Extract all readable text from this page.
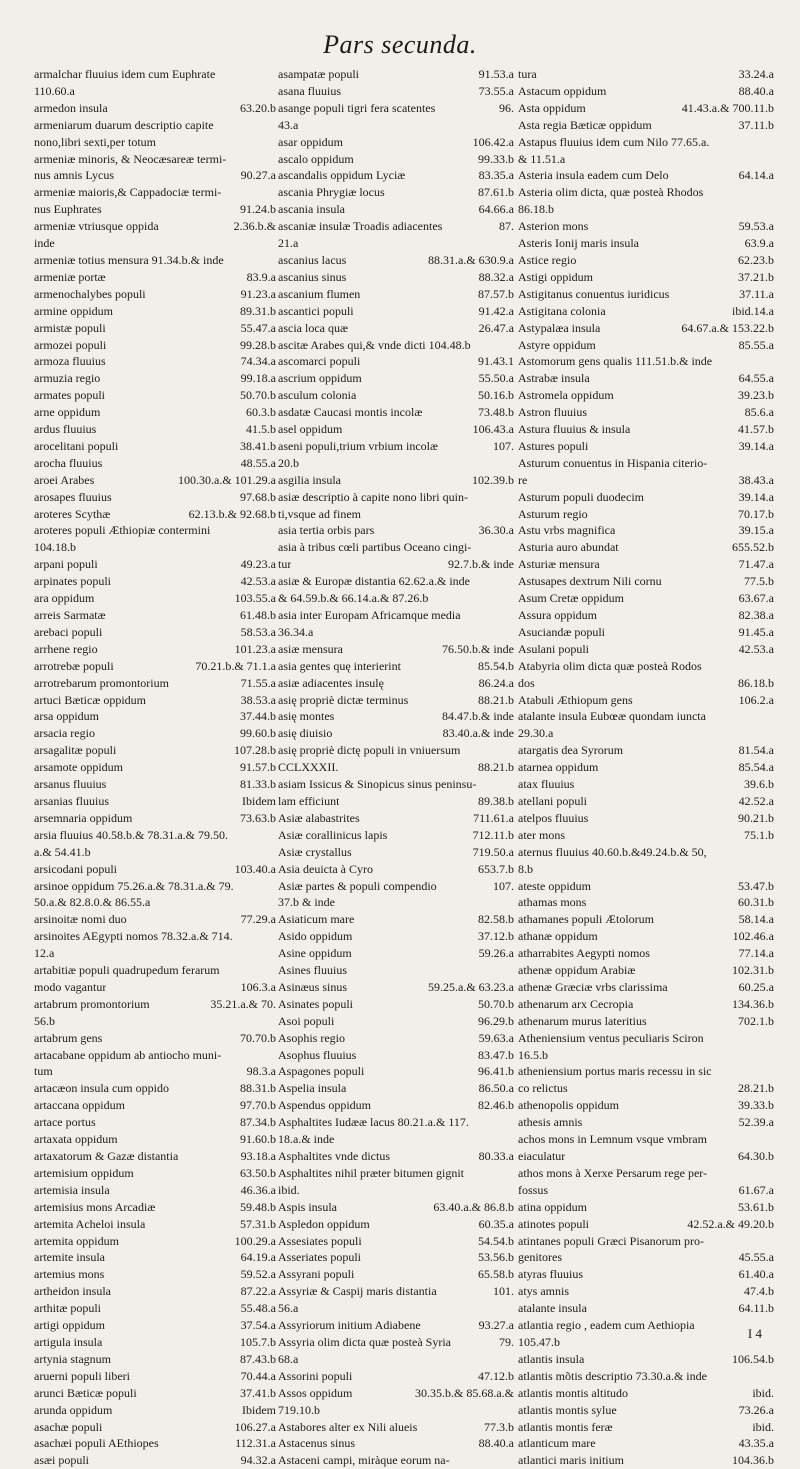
Pars secunda.
armalchar fluuius idem cum Euphrate
110.60.a
armedon insula	63.20.b
armeniarum duarum descriptio capite
nono,libri sexti,per totum
armeniæ minoris, & Neocæsareæ termi-
nus amnis Lycus	90.27.a
armeniæ maioris,& Cappadociæ termi-
nus Euphrates	91.24.b
armeniæ vtriusque oppida	2.36.b.&
inde
armeniæ totius mensura 91.34.b.& inde
armeniæ portæ	83.9.a
armenochalybes populi	91.23.a
armine oppidum	89.31.b
armistæ populi	55.47.a
armozei populi	99.28.b
armoza fluuius	74.34.a
armuzia regio	99.18.a
armates populi	50.70.b
arne oppidum	60.3.b
ardus fluuius	41.5.b
arocelitani populi	38.41.b
arocha fluuius	48.55.a
aroei Arabes	100.30.a.& 101.29.a
arosapes fluuius	97.68.b
aroteres Scythæ	62.13.b.& 92.68.b
aroteres populi Æthiopiæ contermini
104.18.b
arpani populi	49.23.a
arpinates populi	42.53.a
ara oppidum	103.55.a
arreis Sarmatæ	61.48.b
arebaci populi	58.53.a
arrhene regio	101.23.a
arrotrebæ populi	70.21.b.& 71.1.a
arrotrebarum promontorium	71.55.a
artuci Bæticæ oppidum	38.53.a
arsa oppidum	37.44.b
arsacia regio	99.60.b
arsagalitæ populi	107.28.b
arsamote oppidum	91.57.b
arsanus fluuius	81.33.b
arsanias fluuius	Ibidem
arsemnaria oppidum	73.63.b
arsia fluuius 40.58.b.& 78.31.a.& 79.50.
a.& 54.41.b
arsicodani populi	103.40.a
arsinoe oppidum 75.26.a.& 78.31.a.& 79.
50.a.& 82.8.0.& 86.55.a
arsinoitæ nomi duo	77.29.a
arsinoites AEgypti nomos 78.32.a.& 714.
12.a
artabitiæ populi quadrupedum ferarum
modo vagantur	106.3.a
artabrum promontorium	35.21.a.& 70.
56.b
artabrum gens	70.70.b
artacabane oppidum ab antiocho muni-
tum	98.3.a
artacæon insula cum oppido	88.31.b
artaccana oppidum	97.70.b
artace portus	87.34.b
artaxata oppidum	91.60.b
artaxatorum & Gazæ distantia	93.18.a
artemisium oppidum	63.50.b
artemisia insula	46.36.a
artemisius mons Arcadiæ	59.48.b
artemita Acheloi insula	57.31.b
artemita oppidum	100.29.a
artemite insula	64.19.a
artemius mons	59.52.a
artheidon insula	87.22.a
arthitæ populi	55.48.a
artigi oppidum	37.54.a
artigula insula	105.7.b
artynia stagnum	87.43.b
aruerni populi liberi	70.44.a
arunci Bæticæ populi	37.41.b
arunda oppidum	Ibidem
asachæ populi	106.27.a
asachæi populi AEthiopes	112.31.a
asæi populi	94.32.a
asampatæ populi	91.53.a
asana fluuius	73.55.a
asange populi tigri fera scatentes	96.
43.a
asar oppidum	106.42.a
ascalo oppidum	99.33.b
ascandalis oppidum Lyciæ	83.35.a
ascania Phrygiæ locus	87.61.b
ascania insula	64.66.a
ascaniæ insulæ Troadis adiacentes	87.
21.a
ascanius lacus	88.31.a.& 630.9.a
ascanius sinus	88.32.a
ascanium flumen	87.57.b
ascantici populi	91.42.a
ascia loca quæ	26.47.a
ascitæ Arabes qui,& vnde dicti 104.48.b
ascomarci populi	91.43.1
ascrium oppidum	55.50.a
asculum colonia	50.16.b
asdatæ Caucasi montis incolæ	73.48.b
asel oppidum	106.43.a
aseni populi,trium vrbium incolæ	107.
20.b
asgilia insula	102.39.b
asiæ descriptio à capite nono libri quin-
ti,vsque ad finem
asia tertia orbis pars	36.30.a
asia à tribus cœli partibus Oceano cingi-
tur	92.7.b.& inde
asiæ & Europæ distantia 62.62.a.& inde
& 64.59.b.& 66.14.a.& 87.26.b
asia inter Europam Africamque media
36.34.a
asiæ mensura	76.50.b.& inde
asia gentes quę interierint	85.54.b
asiæ adiacentes insulę	86.24.a
asię propriè dictæ terminus	88.21.b
asię montes	84.47.b.& inde
asię diuisio	83.40.a.& inde
asię propriè dictę populi in vniuersum
CCLXXXII.	88.21.b
asiam Issicus & Sinopicus sinus peninsu-
lam efficiunt	89.38.b
Asiæ alabastrites	711.61.a
Asiæ corallinicus lapis	712.11.b
Asiæ crystallus	719.50.a
Asia deuicta à Cyro	653.7.b
Asiæ partes & populi compendio	107.
37.b & inde
Asiaticum mare	82.58.b
Asido oppidum	37.12.b
Asine oppidum	59.26.a
Asines fluuius
Asinæus sinus	59.25.a.& 63.23.a
Asinates populi	50.70.b
Asoi populi	96.29.b
Asophis regio	59.63.a
Asophus fluuius	83.47.b
Aspagones populi	96.41.b
Aspelia insula	86.50.a
Aspendus oppidum	82.46.b
Asphaltites Iudææ lacus 80.21.a.& 117.
18.a.& inde
Asphaltites vnde dictus	80.33.a
Asphaltites nihil præter bitumen gignit
ibid.
Aspis insula	63.40.a.& 86.8.b
Aspledon oppidum	60.35.a
Assesiates populi	54.54.b
Asseriates populi	53.56.b
Assyrani populi	65.58.b
Assyriæ & Caspij maris distantia	101.
56.a
Assyriorum initium Adiabene	93.27.a
Assyria olim dicta quæ posteà Syria	79.
68.a
Assorini populi	47.12.b
Assos oppidum	30.35.b.& 85.68.a.&
719.10.b
Astabores alter ex Nili alueis	77.3.b
Astacenus sinus	88.40.a
Astaceni campi, miràque eorum na-
tura	33.24.a
Astacum oppidum	88.40.a
Asta oppidum	41.43.a.& 700.11.b
Asta regia Bæticæ oppidum	37.11.b
Astapus fluuius idem cum Nilo 77.65.a.
& 11.51.a
Asteria insula eadem cum Delo	64.14.a
Asteria olim dicta, quæ posteà Rhodos
86.18.b
Asterion mons	59.53.a
Asteris Ionij maris insula	63.9.a
Astice regio	62.23.b
Astigi oppidum	37.21.b
Astigitanus conuentus iuridicus	37.11.a
Astigitana colonia	ibid.14.a
Astypalæa insula	64.67.a.& 153.22.b
Astyre oppidum	85.55.a
Astomorum gens qualis 111.51.b.& inde
Astrabæ insula	64.55.a
Astromela oppidum	39.23.b
Astron fluuius	85.6.a
Astura fluuius & insula	41.57.b
Astures populi	39.14.a
Asturum conuentus in Hispania citerio-
re	38.43.a
Asturum populi duodecim	39.14.a
Asturum regio	70.17.b
Astu vrbs magnifica	39.15.a
Asturia auro abundat	655.52.b
Asturiæ mensura	71.47.a
Astusapes dextrum Nili cornu	77.5.b
Asum Cretæ oppidum	63.67.a
Assura oppidum	82.38.a
Asuciandæ populi	91.45.a
Asulani populi	42.53.a
Atabyria olim dicta quæ posteà Rodos
dos	86.18.b
Atabuli Æthiopum gens	106.2.a
atalante insula Eubœæ quondam iuncta
29.30.a
atargatis dea Syrorum	81.54.a
atarnea oppidum	85.54.a
atax fluuius	39.6.b
atellani populi	42.52.a
atelpos fluuius	90.21.b
ater mons	75.1.b
aternus fluuius 40.60.b.&49.24.b.& 50,
8.b
ateste oppidum	53.47.b
athamas mons	60.31.b
athamanes populi Ætolorum	58.14.a
athanæ oppidum	102.46.a
atharrabites Aegypti nomos	77.14.a
athenæ oppidum Arabiæ	102.31.b
athenæ Græciæ vrbs clarissima	60.25.a
athenarum arx Cecropia	134.36.b
athenarum murus lateritius	702.1.b
Atheniensium ventus peculiaris Sciron
16.5.b
atheniensium portus maris recessu in sic
co relictus	28.21.b
athenopolis oppidum	39.33.b
athesis amnis	52.39.a
achos mons in Lemnum vsque vmbram
eiaculatur	64.30.b
athos mons à Xerxe Persarum rege per-
fossus	61.67.a
atina oppidum	53.61.b
atinotes populi	42.52.a.& 49.20.b
atintanes populi Græci Pisanorum pro-
genitores	45.55.a
atyras fluuius	61.40.a
atys amnis	47.4.b
atalante insula	64.11.b
atlantia regio , eadem cum Aethiopia
105.47.b
atlantis insula	106.54.b
atlantis mõtis descriptio 73.30.a.& inde
atlantis montis altitudo	ibid.
atlantis montis sylue	73.26.a
atlantis montis feræ	ibid.
atlanticum mare	43.35.a
atlantici maris initium	104.36.b
I 4
